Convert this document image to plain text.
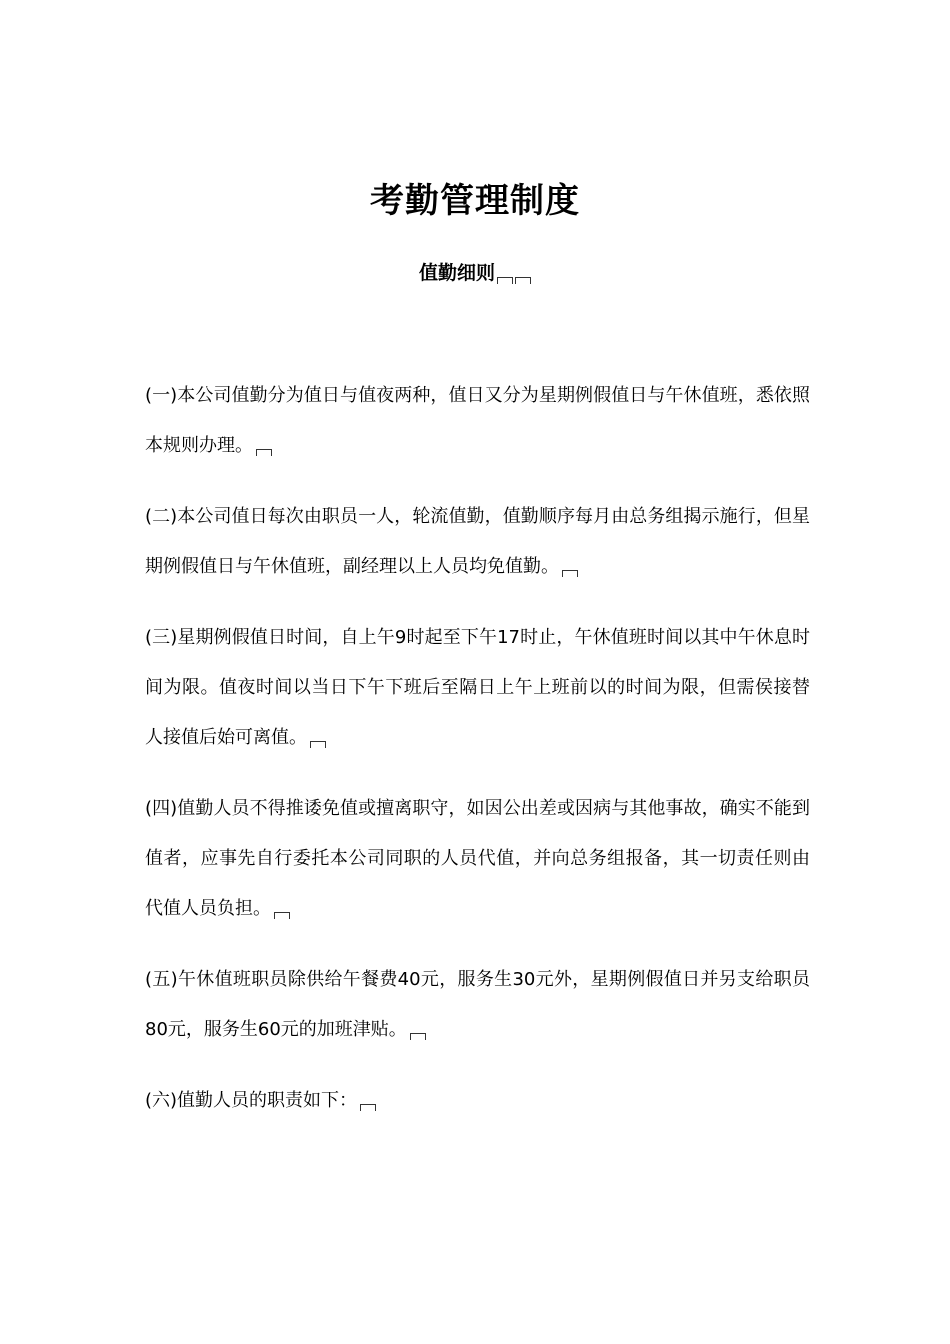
考勤管理制度
值勤细则

(一)本公司值勤分为值日与值夜两种，值日又分为星期例假值日与午休值班，悉依照本规则办理。

(二)本公司值日每次由职员一人，轮流值勤，值勤顺序每月由总务组揭示施行，但星期例假值日与午休值班，副经理以上人员均免值勤。

(三)星期例假值日时间，自上午9时起至下午17时止，午休值班时间以其中午休息时间为限。值夜时间以当日下午下班后至隔日上午上班前以的时间为限，但需侯接替人接值后始可离值。

(四)值勤人员不得推诿免值或擅离职守，如因公出差或因病与其他事故，确实不能到值者，应事先自行委托本公司同职的人员代值，并向总务组报备，其一切责任则由代值人员负担。

(五)午休值班职员除供给午餐费40元，服务生30元外，星期例假值日并另支给职员80元，服务生60元的加班津贴。

(六)值勤人员的职责如下：
